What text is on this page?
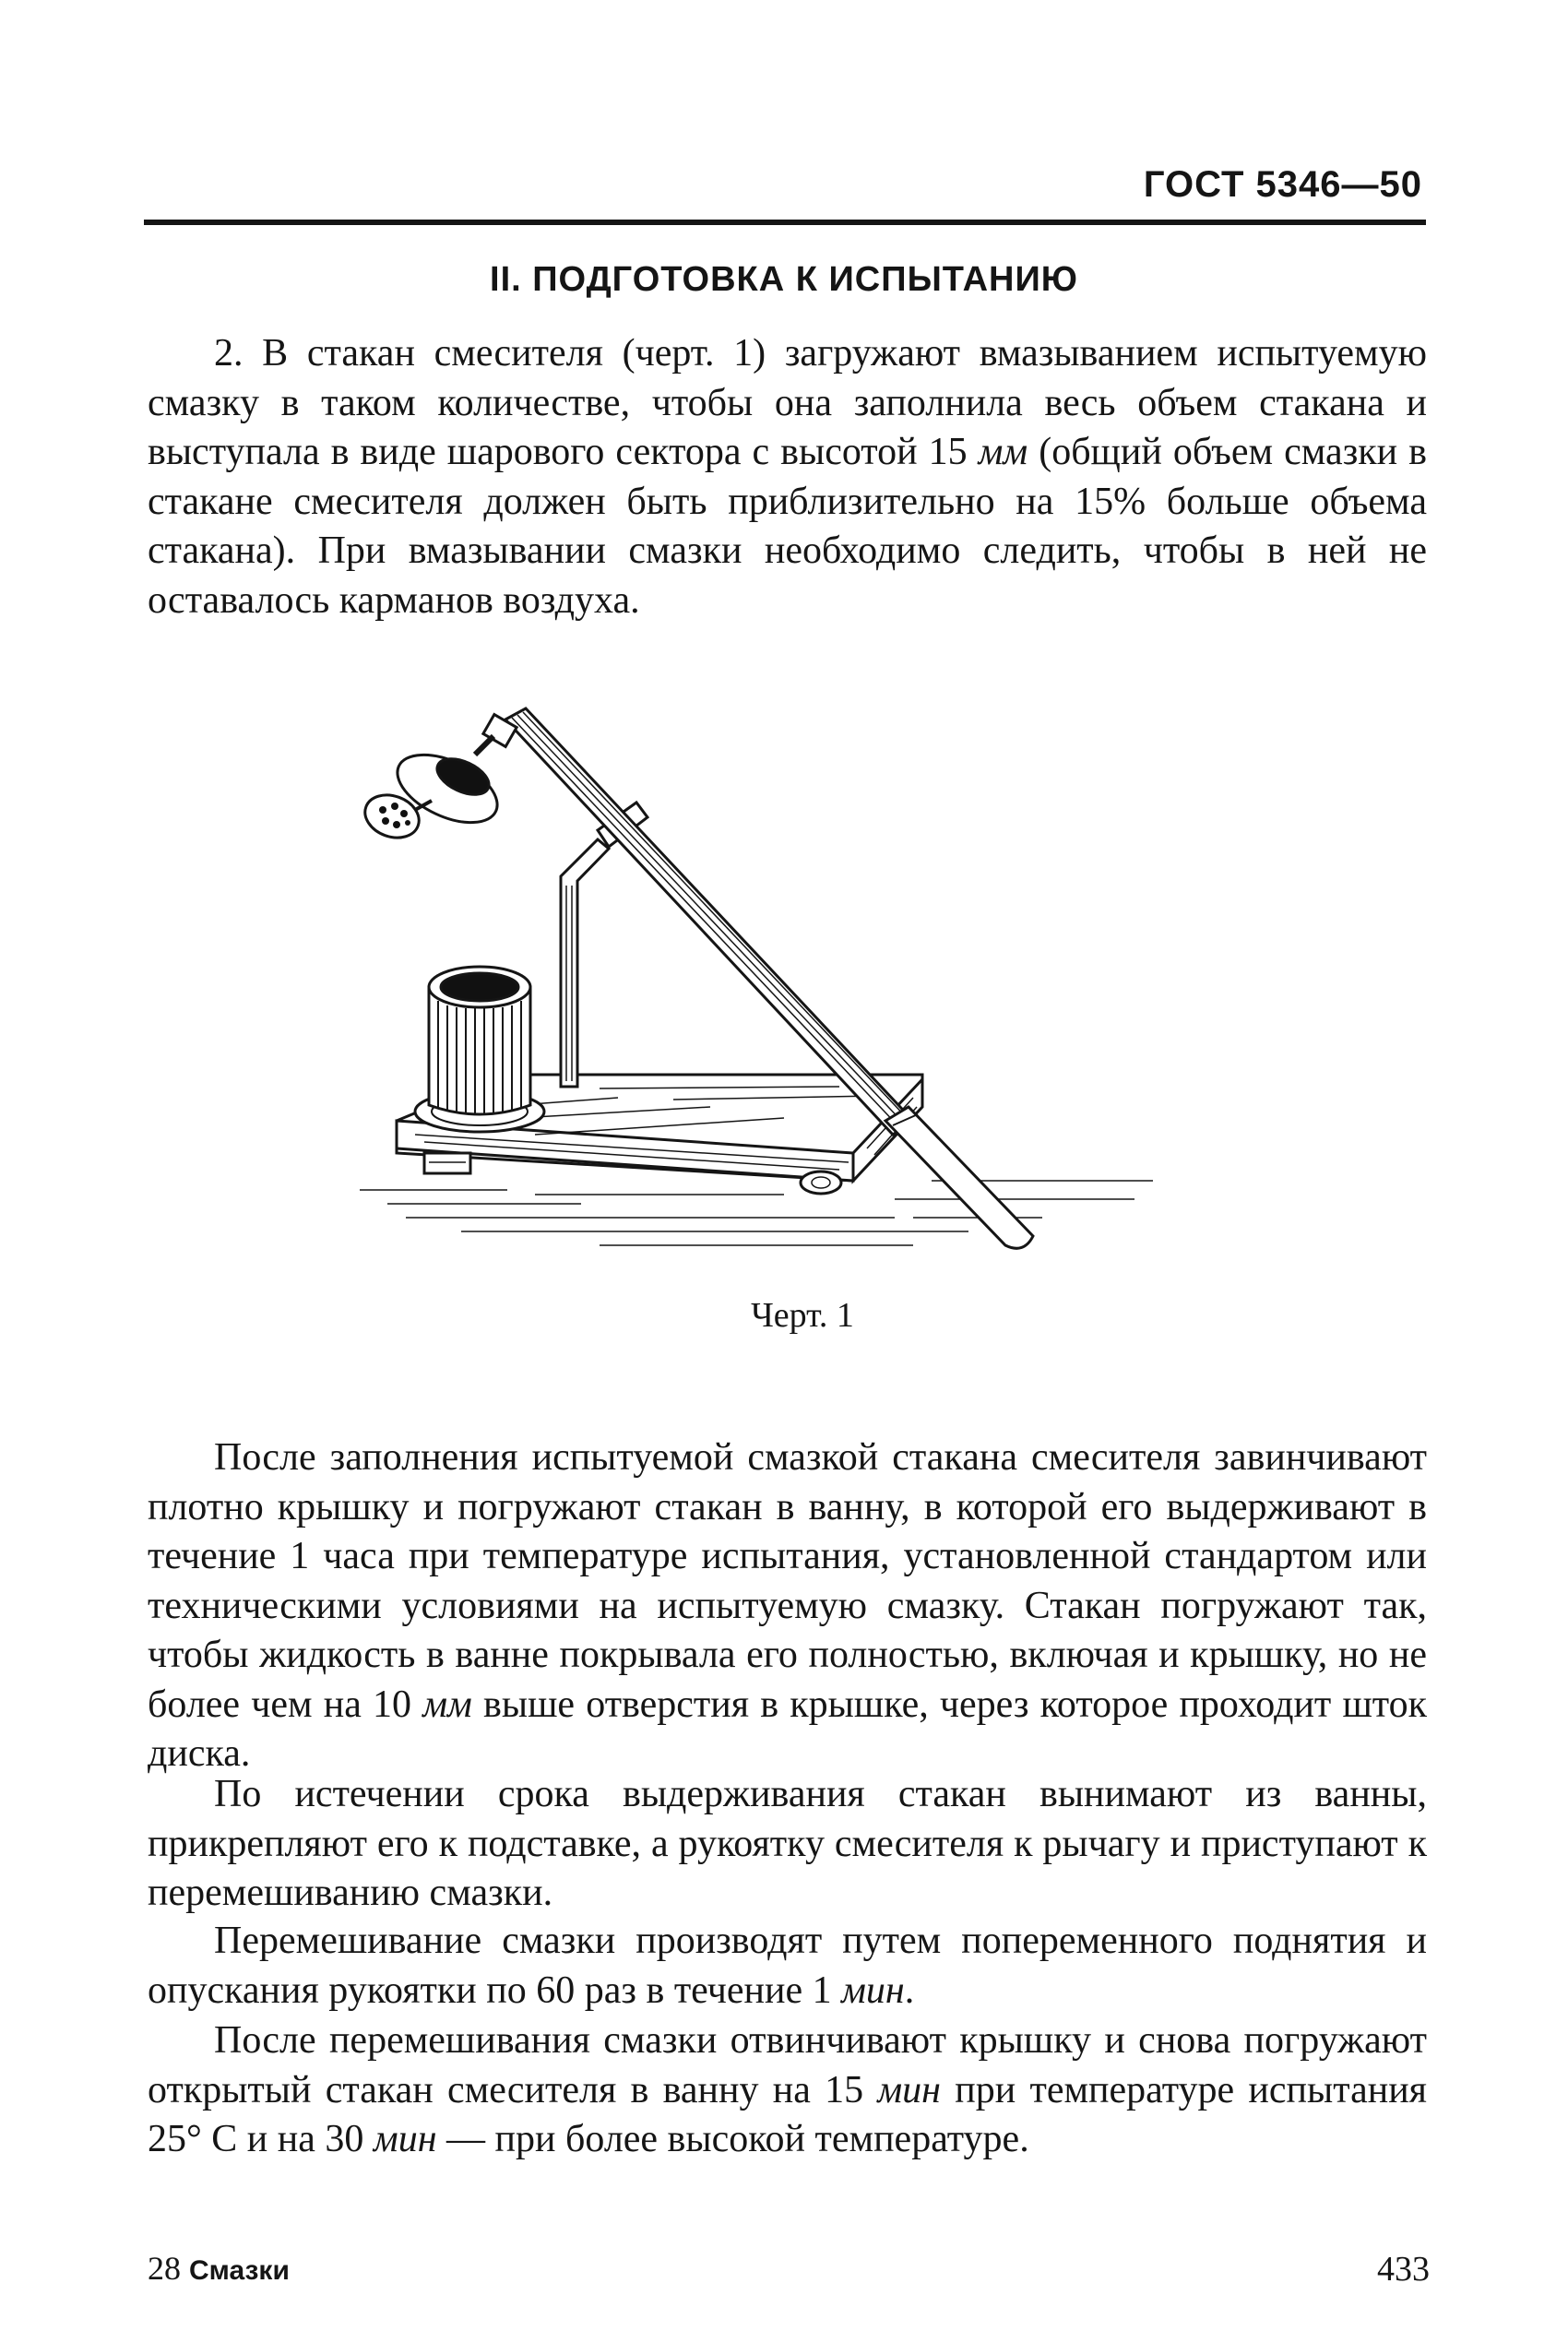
ГОСТ 5346—50
II. ПОДГОТОВКА К ИСПЫТАНИЮ

2. В стакан смесителя (черт. 1) загружают вмазыванием испытуемую смазку в таком количестве, чтобы она заполнила весь объем стакана и выступала в виде шарового сектора с высотой 15 мм (общий объем смазки в стакане смесителя должен быть приблизительно на 15% больше объема стакана). При вмазывании смазки необходимо следить, чтобы в ней не оставалось карманов воздуха.

Черт. 1

После заполнения испытуемой смазкой стакана смесителя завинчивают плотно крышку и погружают стакан в ванну, в которой его выдерживают в течение 1 часа при температуре испытания, установленной стандартом или техническими условиями на испытуемую смазку. Стакан погружают так, чтобы жидкость в ванне покрывала его полностью, включая и крышку, но не более чем на 10 мм выше отверстия в крышке, через которое проходит шток диска.

По истечении срока выдерживания стакан вынимают из ванны, прикрепляют его к подставке, а рукоятку смесителя к рычагу и приступают к перемешиванию смазки.

Перемешивание смазки производят путем попеременного поднятия и опускания рукоятки по 60 раз в течение 1 мин.

После перемешивания смазки отвинчивают крышку и снова погружают открытый стакан смесителя в ванну на 15 мин при температуре испытания 25° С и на 30 мин — при более высокой температуре.

28 Смазки	433
